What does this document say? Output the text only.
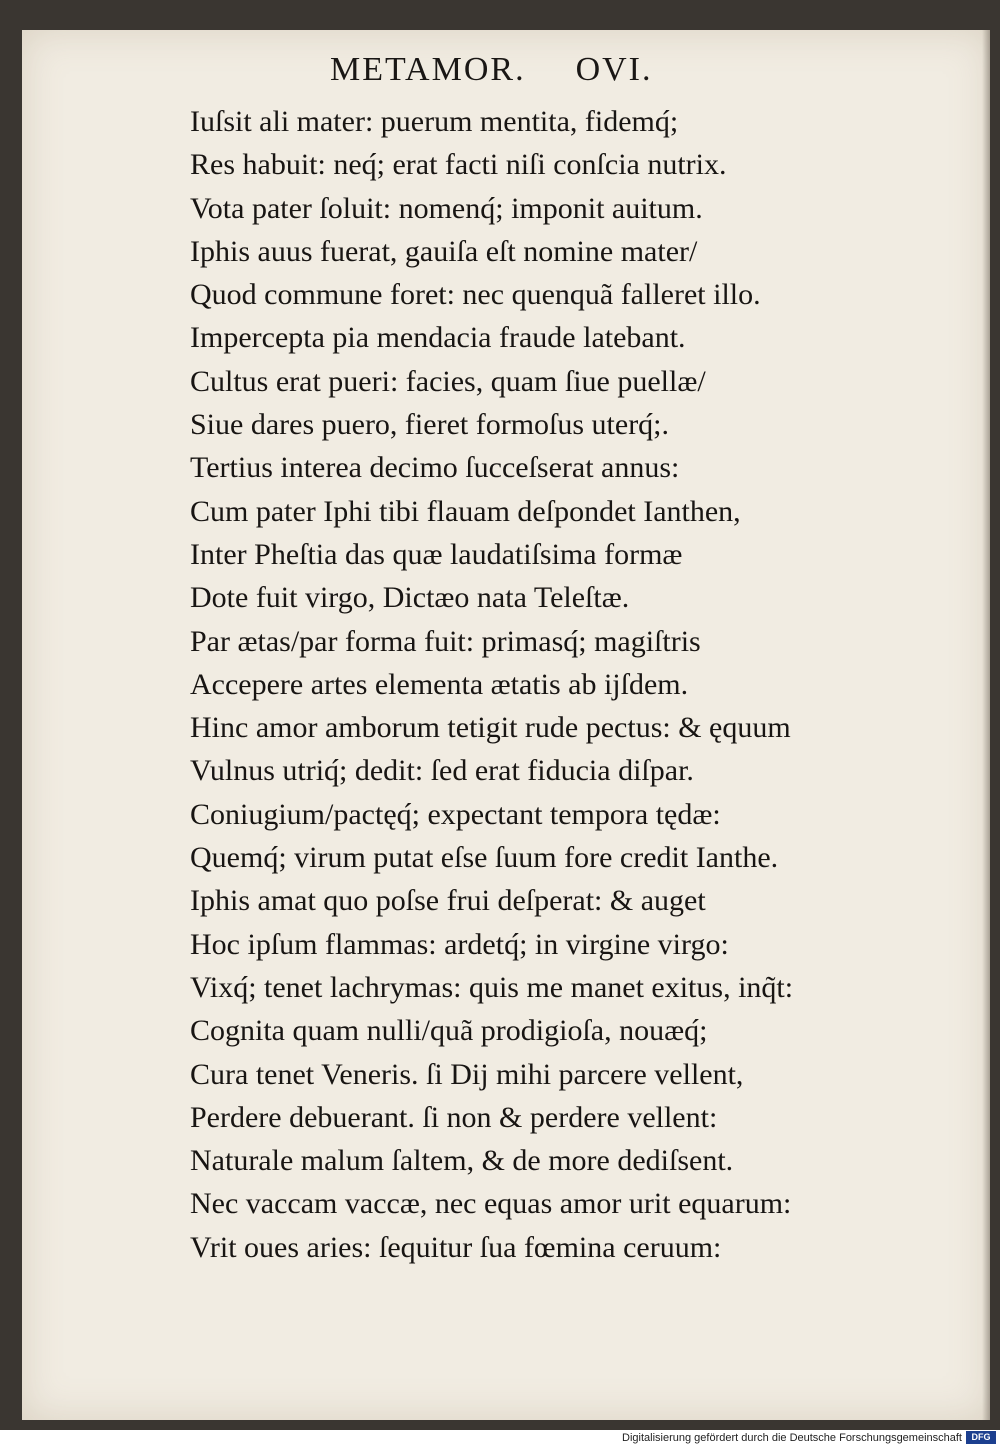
METAMOR. OVI.
Iuſsit ali mater: puerum mentita, fidemq́;
Res habuit: neq́; erat facti niſi conſcia nutrix.
Vota pater ſoluit: nomenq́; imponit auitum.
Iphis auus fuerat, gauiſa eſt nomine mater/
Quod commune foret: nec quenquã falleret illo.
Impercepta pia mendacia fraude latebant.
Cultus erat pueri: facies, quam ſiue puellæ/
Siue dares puero, fieret formoſus uterq́;.
Tertius interea decimo ſucceſserat annus:
Cum pater Iphi tibi flauam deſpondet Ianthen,
Inter Pheſtia das quæ laudatiſsima formæ
Dote fuit virgo, Dictæo nata Teleſtæ.
Par ætas/par forma fuit: primasq́; magiſtris
Accepere artes elementa ætatis ab ijſdem.
Hinc amor amborum tetigit rude pectus: & ęquum
Vulnus utriq́; dedit: ſed erat fiducia diſpar.
Coniugium/pactęq́; expectant tempora tędæ:
Quemq́; virum putat eſse ſuum fore credit Ianthe.
Iphis amat quo poſse frui deſperat: & auget
Hoc ipſum flammas: ardetq́; in virgine virgo:
Vixq́; tenet lachrymas: quis me manet exitus, inq̃t:
Cognita quam nulli/quã prodigioſa, nouæq́;
Cura tenet Veneris. ſi Dij mihi parcere vellent,
Perdere debuerant. ſi non & perdere vellent:
Naturale malum ſaltem, & de more dediſsent.
Nec vaccam vaccæ, nec equas amor urit equarum:
Vrit oues aries: ſequitur ſua fœmina ceruum:
Digitalisierung gefördert durch die Deutsche Forschungsgemeinschaft	DFG
